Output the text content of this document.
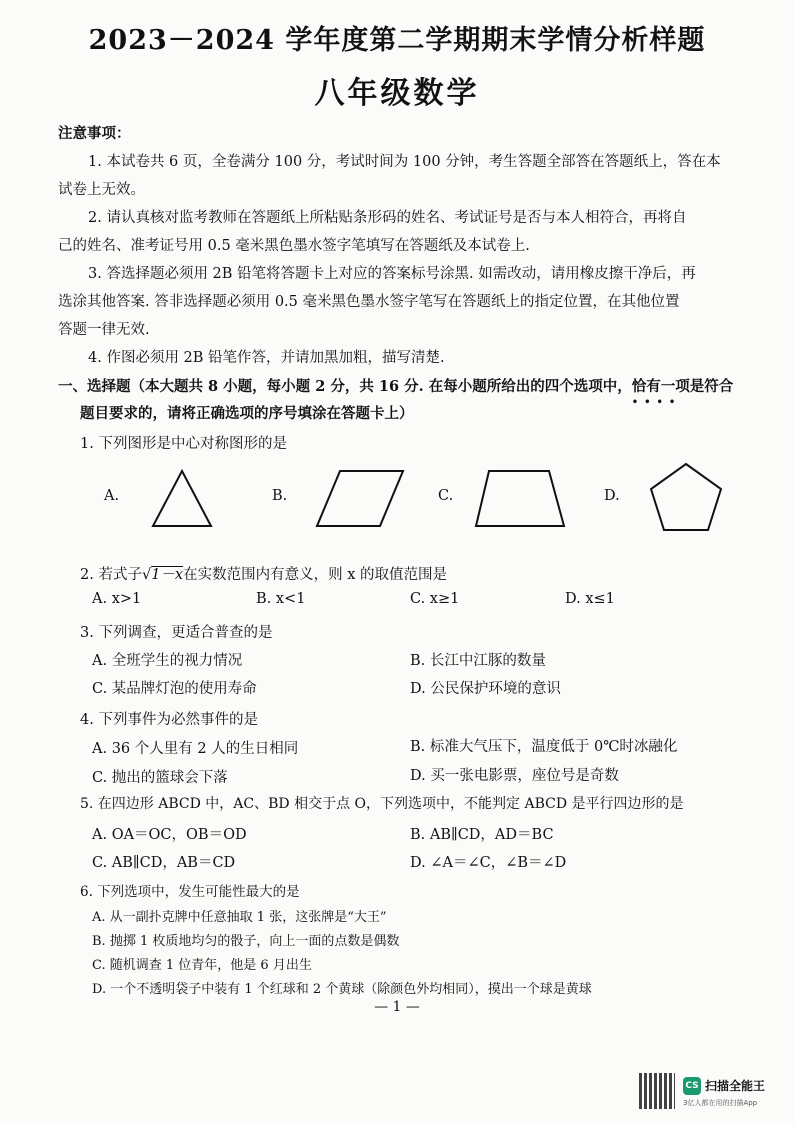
2023－2024 学年度第二学期期末学情分析样题
八年级数学
注意事项：
1. 本试卷共 6 页，全卷满分 100 分，考试时间为 100 分钟，考生答题全部答在答题纸上，答在本
试卷上无效。
2. 请认真核对监考教师在答题纸上所粘贴条形码的姓名、考试证号是否与本人相符合，再将自
己的姓名、准考证号用 0.5 毫米黑色墨水签字笔填写在答题纸及本试卷上.
3. 答选择题必须用 2B 铅笔将答题卡上对应的答案标号涂黑. 如需改动，请用橡皮擦干净后，再
选涂其他答案. 答非选择题必须用 0.5 毫米黑色墨水签字笔写在答题纸上的指定位置，在其他位置
答题一律无效.
4. 作图必须用 2B 铅笔作答，并请加黑加粗，描写清楚.
一、选择题（本大题共 8 小题，每小题 2 分，共 16 分. 在每小题所给出的四个选项中，恰有一项
••••
是符合
题目要求的，请将正确选项的序号填涂在答题卡上）
1. 下列图形是中心对称图形的是
A.	B.	C.	D.
2. 若式子√1－x在实数范围内有意义，则 x 的取值范围是
A. x>1	B. x<1	C. x≥1	D. x≤1
3. 下列调查，更适合普查的是
A. 全班学生的视力情况	B. 长江中江豚的数量
C. 某品牌灯泡的使用寿命	D. 公民保护环境的意识
4. 下列事件为必然事件的是
A. 36 个人里有 2 人的生日相同	B. 标准大气压下，温度低于 0℃时冰融化
C. 抛出的篮球会下落	D. 买一张电影票，座位号是奇数
5. 在四边形 ABCD 中，AC、BD 相交于点 O，下列选项中，不能判定 ABCD 是平行四边形的是
A. OA＝OC，OB＝OD	B. AB∥CD，AD＝BC
C. AB∥CD，AB＝CD	D. ∠A＝∠C，∠B＝∠D
6. 下列选项中，发生可能性最大的是
A. 从一副扑克牌中任意抽取 1 张，这张牌是“大王”
B. 抛掷 1 枚质地均匀的骰子，向上一面的点数是偶数
C. 随机调查 1 位青年，他是 6 月出生
D. 一个不透明袋子中装有 1 个红球和 2 个黄球（除颜色外均相同），摸出一个球是黄球
— 1 —
CS 扫描全能王
3亿人都在用的扫描App
